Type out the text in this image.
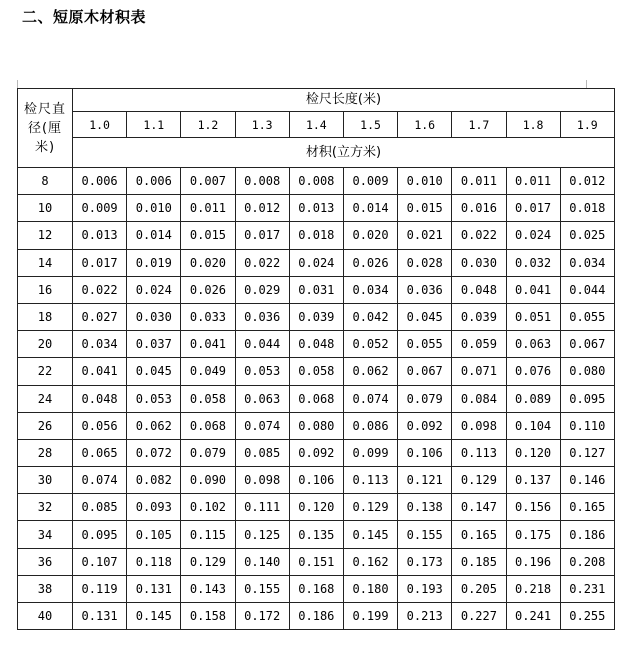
二、短原木材积表
检尺直径(厘米)	检尺长度(米)									
	1.0	1.1	1.2	1.3	1.4	1.5	1.6	1.7	1.8	1.9
	材积(立方米)									
8	0.006	0.006	0.007	0.008	0.008	0.009	0.010	0.011	0.011	0.012
10	0.009	0.010	0.011	0.012	0.013	0.014	0.015	0.016	0.017	0.018
12	0.013	0.014	0.015	0.017	0.018	0.020	0.021	0.022	0.024	0.025
14	0.017	0.019	0.020	0.022	0.024	0.026	0.028	0.030	0.032	0.034
16	0.022	0.024	0.026	0.029	0.031	0.034	0.036	0.048	0.041	0.044
18	0.027	0.030	0.033	0.036	0.039	0.042	0.045	0.039	0.051	0.055
20	0.034	0.037	0.041	0.044	0.048	0.052	0.055	0.059	0.063	0.067
22	0.041	0.045	0.049	0.053	0.058	0.062	0.067	0.071	0.076	0.080
24	0.048	0.053	0.058	0.063	0.068	0.074	0.079	0.084	0.089	0.095
26	0.056	0.062	0.068	0.074	0.080	0.086	0.092	0.098	0.104	0.110
28	0.065	0.072	0.079	0.085	0.092	0.099	0.106	0.113	0.120	0.127
30	0.074	0.082	0.090	0.098	0.106	0.113	0.121	0.129	0.137	0.146
32	0.085	0.093	0.102	0.111	0.120	0.129	0.138	0.147	0.156	0.165
34	0.095	0.105	0.115	0.125	0.135	0.145	0.155	0.165	0.175	0.186
36	0.107	0.118	0.129	0.140	0.151	0.162	0.173	0.185	0.196	0.208
38	0.119	0.131	0.143	0.155	0.168	0.180	0.193	0.205	0.218	0.231
40	0.131	0.145	0.158	0.172	0.186	0.199	0.213	0.227	0.241	0.255
